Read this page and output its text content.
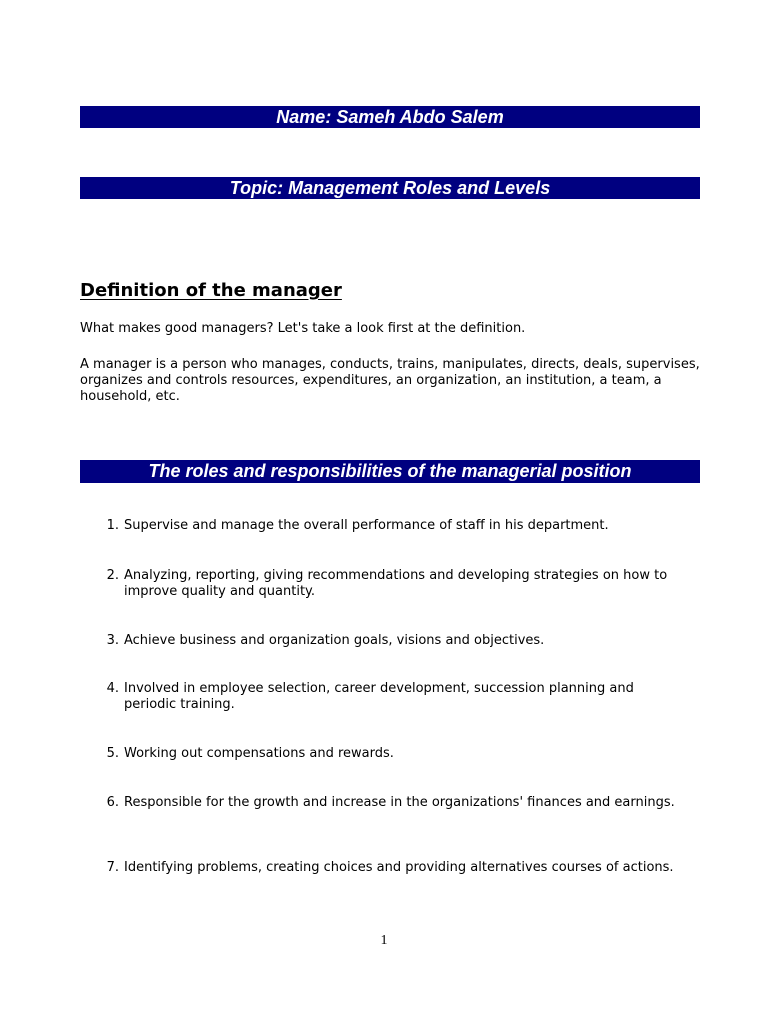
Name: Sameh Abdo Salem
Topic: Management Roles and Levels
Definition of the manager

What makes good managers? Let's take a look first at the definition.

A manager is a person who manages, conducts, trains, manipulates, directs, deals, supervises, organizes and controls resources, expenditures, an organization, an institution, a team, a household, etc.

The roles and responsibilities of the managerial position
1. Supervise and manage the overall performance of staff in his department.
2. Analyzing, reporting, giving recommendations and developing strategies on how to improve quality and quantity.
3. Achieve business and organization goals, visions and objectives.
4. Involved in employee selection, career development, succession planning and periodic training.
5. Working out compensations and rewards.
6. Responsible for the growth and increase in the organizations' finances and earnings.
7. Identifying problems, creating choices and providing alternatives courses of actions.
1
